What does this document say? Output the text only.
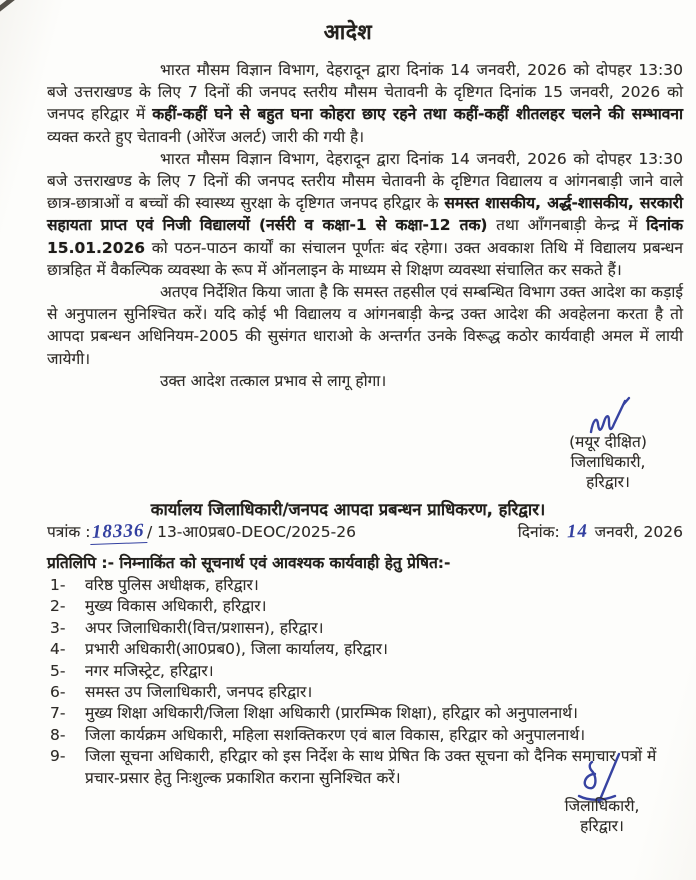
आदेश

भारत मौसम विज्ञान विभाग, देहरादून द्वारा दिनांक 14 जनवरी, 2026 को दोपहर 13:30 बजे उत्तराखण्ड के लिए 7 दिनों की जनपद स्तरीय मौसम चेतावनी के दृष्टिगत दिनांक 15 जनवरी, 2026 को जनपद हरिद्वार में कहीं-कहीं घने से बहुत घना कोहरा छाए रहने तथा कहीं-कहीं शीतलहर चलने की सम्भावना व्यक्त करते हुए चेतावनी (ओरेंज अलर्ट) जारी की गयी है।

भारत मौसम विज्ञान विभाग, देहरादून द्वारा दिनांक 14 जनवरी, 2026 को दोपहर 13:30 बजे उत्तराखण्ड के लिए 7 दिनों की जनपद स्तरीय मौसम चेतावनी के दृष्टिगत विद्यालय व आंगनबाड़ी जाने वाले छात्र-छात्राओं व बच्चों की स्वास्थ्य सुरक्षा के दृष्टिगत जनपद हरिद्वार के समस्त शासकीय, अर्द्ध-शासकीय, सरकारी सहायता प्राप्त एवं निजी विद्यालयों (नर्सरी व कक्षा-1 से कक्षा-12 तक) तथा आँगनबाड़ी केन्द्र में दिनांक 15.01.2026 को पठन-पाठन कार्यों का संचालन पूर्णतः बंद रहेगा। उक्त अवकाश तिथि में विद्यालय प्रबन्धन छात्रहित में वैकल्पिक व्यवस्था के रूप में ऑनलाइन के माध्यम से शिक्षण व्यवस्था संचालित कर सकते हैं।

अतएव निर्देशित किया जाता है कि समस्त तहसील एवं सम्बन्धित विभाग उक्त आदेश का कड़ाई से अनुपालन सुनिश्चित करें। यदि कोई भी विद्यालय व आंगनबाड़ी केन्द्र उक्त आदेश की अवहेलना करता है तो आपदा प्रबन्धन अधिनियम-2005 की सुसंगत धाराओ के अन्तर्गत उनके विरूद्ध कठोर कार्यवाही अमल में लायी जायेगी।

उक्त आदेश तत्काल प्रभाव से लागू होगा।

(मयूर दीक्षित)
जिलाधिकारी,
हरिद्वार।
कार्यालय जिलाधिकारी/जनपद आपदा प्रबन्धन प्राधिकरण, हरिद्वार।
पत्रांक :18336 / 13-आ0प्रब0-DEOC/2025-26	दिनांक: 14 जनवरी, 2026
प्रतिलिपि :- निम्नाकिंत को सूचनार्थ एवं आवश्यक कार्यवाही हेतु प्रेषित:-
1-	वरिष्ठ पुलिस अधीक्षक, हरिद्वार।
2-	मुख्य विकास अधिकारी, हरिद्वार।
3-	अपर जिलाधिकारी(वित्त/प्रशासन), हरिद्वार।
4-	प्रभारी अधिकारी(आ0प्रब0), जिला कार्यालय, हरिद्वार।
5-	नगर मजिस्ट्रेट, हरिद्वार।
6-	समस्त उप जिलाधिकारी, जनपद हरिद्वार।
7-	मुख्य शिक्षा अधिकारी/जिला शिक्षा अधिकारी (प्रारम्भिक शिक्षा), हरिद्वार को अनुपालनार्थ।
8-	जिला कार्यक्रम अधिकारी, महिला सशक्तिकरण एवं बाल विकास, हरिद्वार को अनुपालनार्थ।
9-	जिला सूचना अधिकारी, हरिद्वार को इस निर्देश के साथ प्रेषित कि उक्त सूचना को दैनिक समाचार पत्रों में प्रचार-प्रसार हेतु निःशुल्क प्रकाशित कराना सुनिश्चित करें।
जिलाधिकारी,
हरिद्वार।
